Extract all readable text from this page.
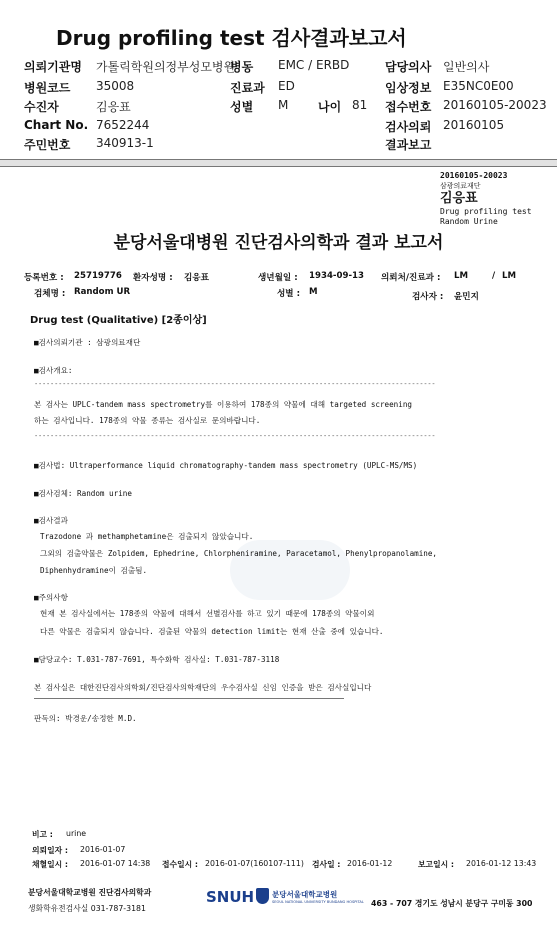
Drug profiling test 검사결과보고서
의뢰기관명 가톨릭학원의정부성모병원
병동 EMC / ERBD	담당의사 일반의사
병원코드 35008	진료과 ED	임상정보 E35NC0E00
수진자	김응표	성별 M 나이 81 접수번호 20160105-20023
Chart No. 7652244	검사의뢰 20160105
주민번호 340913-1	결과보고
20160105-20023
삼광의료재단
김응표
Drug profiling test
Random Urine
분당서울대병원 진단검사의학과 결과 보고서
등록번호 : 25719776 환자성명 : 김응표	생년월일 : 1934-09-13 의뢰처/진료과 : LM	/ LM
검체명 : Random UR	성별 : M	검사자 : 윤민지
Drug test (Qualitative) [2종이상]
■검사의뢰기관 : 삼광의료재단
■검사개요:
----------------------------------------------------------------------------------------------------
본 검사는 UPLC-tandem mass spectrometry를 이용하여 178종의 약물에 대해 targeted screening
하는 검사입니다. 178종의 약물 종류는 검사실로 문의바랍니다.
----------------------------------------------------------------------------------------------------
■검사법: Ultraperformance liquid chromatography-tandem mass spectrometry (UPLC-MS/MS)
■검사검체: Random urine
■검사결과
Trazodone 과 methamphetamine은 검출되지 않았습니다.
그외의 검출약물은 Zolpidem, Ephedrine, Chlorpheniramine, Paracetamol, Phenylpropanolamine,
Diphenhydramine이 검출됨.
■주의사항
현재 본 검사실에서는 178종의 약물에 대해서 선별검사를 하고 있기 때문에 178종의 약물이외
다른 약물은 검출되지 않습니다. 검출된 약물의 detection limit는 현재 산출 중에 있습니다.
■담당교수: T.031-787-7691, 특수화학 검사실: T.031-787-3118
본 검사실은 대한진단검사의학회/진단검사의학재단의 우수검사실 신임 인증을 받은 검사실입니다
판독의: 박경운/송정한 M.D.
비고 : urine
의뢰일자 : 2016-01-07
채혈일시 : 2016-01-07 14:38 접수일시 : 2016-01-07(160107-111) 검사일 : 2016-01-12	보고일시 : 2016-01-12 13:43
분당서울대학교병원 진단검사의학과
생화학유전검사실 031-787-3181
SNUH 분당서울대학교병원
SEOUL NATIONAL UNIVERSITY BUNDANG HOSPITAL 463 - 707 경기도 성남시 분당구 구미동 300
